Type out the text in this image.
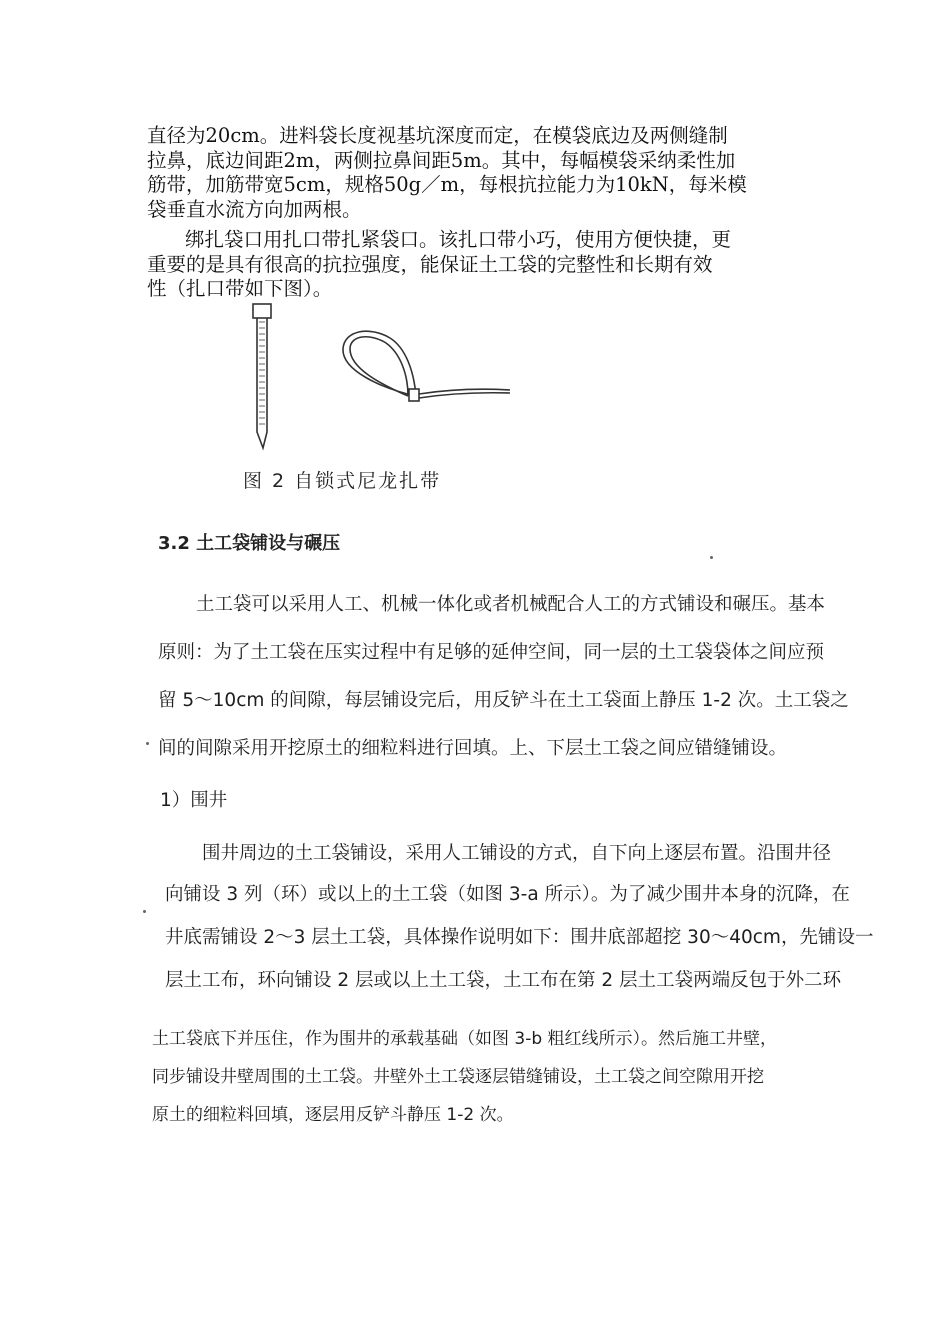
直径为20cm。进料袋长度视基坑深度而定，在模袋底边及两侧缝制
拉鼻，底边间距2m，两侧拉鼻间距5m。其中，每幅模袋采纳柔性加
筋带，加筋带宽5cm，规格50g／m，每根抗拉能力为10kN，每米模
袋垂直水流方向加两根。
绑扎袋口用扎口带扎紧袋口。该扎口带小巧，使用方便快捷，更
重要的是具有很高的抗拉强度，能保证土工袋的完整性和长期有效
性（扎口带如下图）。
图 2 自锁式尼龙扎带
3.2 土工袋铺设与碾压
土工袋可以采用人工、机械一体化或者机械配合人工的方式铺设和碾压。基本
原则：为了土工袋在压实过程中有足够的延伸空间，同一层的土工袋袋体之间应预
留 5～10cm 的间隙，每层铺设完后，用反铲斗在土工袋面上静压 1-2 次。土工袋之
间的间隙采用开挖原土的细粒料进行回填。上、下层土工袋之间应错缝铺设。
1）围井
围井周边的土工袋铺设，采用人工铺设的方式，自下向上逐层布置。沿围井径
向铺设 3 列（环）或以上的土工袋（如图 3-a 所示）。为了减少围井本身的沉降，在
井底需铺设 2～3 层土工袋，具体操作说明如下：围井底部超挖 30～40cm，先铺设一
层土工布，环向铺设 2 层或以上土工袋，土工布在第 2 层土工袋两端反包于外二环
土工袋底下并压住，作为围井的承载基础（如图 3-b 粗红线所示）。然后施工井壁，
同步铺设井壁周围的土工袋。井壁外土工袋逐层错缝铺设，土工袋之间空隙用开挖
原土的细粒料回填，逐层用反铲斗静压 1-2 次。
